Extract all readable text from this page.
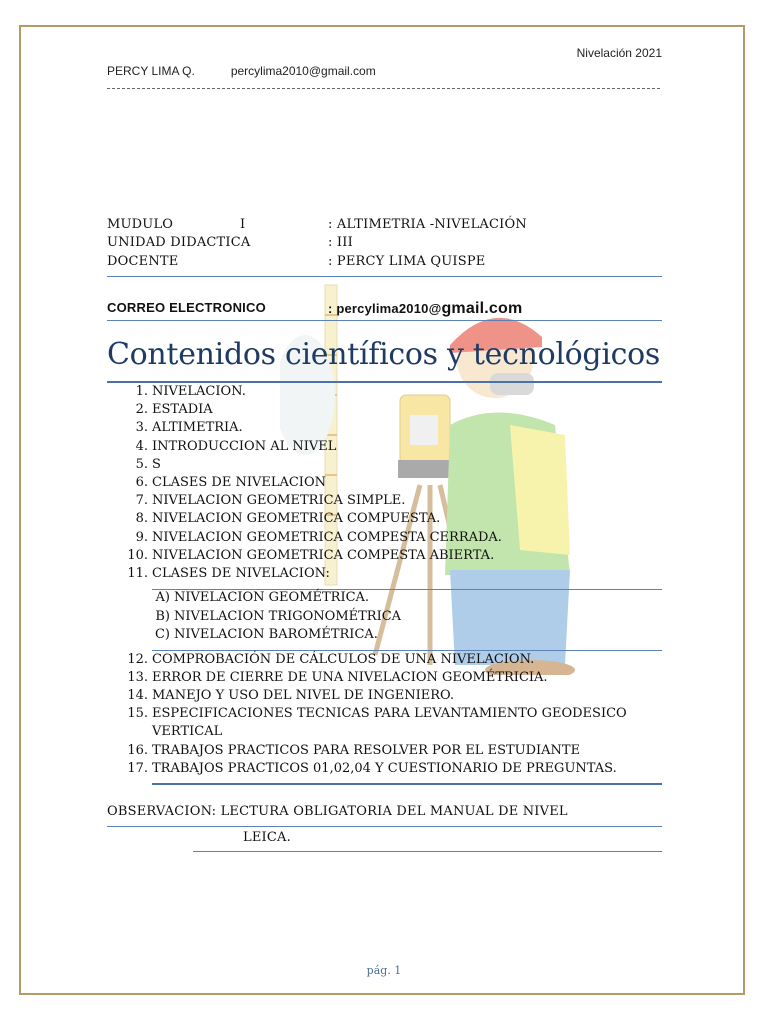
Nivelación 2021
PERCY LIMA Q.	percylima2010@gmail.com
MUDULO	I	: ALTIMETRIA -NIVELACIÓN
UNIDAD DIDACTICA	: III
DOCENTE	: PERCY LIMA QUISPE
CORREO ELECTRONICO	: percylima2010@gmail.com
Contenidos científicos y tecnológicos
1. NIVELACION.
2. ESTADIA
3. ALTIMETRIA.
4. INTRODUCCION AL NIVEL
5. S
6. CLASES DE NIVELACION
7. NIVELACION GEOMETRICA SIMPLE.
8. NIVELACION GEOMETRICA COMPUESTA.
9. NIVELACION GEOMETRICA COMPESTA CERRADA.
10. NIVELACION GEOMETRICA COMPESTA ABIERTA.
11. CLASES DE NIVELACION:
A) NIVELACION GEOMÉTRICA.
B) NIVELACION TRIGONOMÉTRICA
C) NIVELACION BAROMÉTRICA.
12. COMPROBACIÓN DE CÁLCULOS DE UNA NIVELACION.
13. ERROR DE CIERRE DE UNA NIVELACION GEOMÉTRICIA.
14. MANEJO Y USO DEL NIVEL DE INGENIERO.
15. ESPECIFICACIONES TECNICAS PARA LEVANTAMIENTO GEODESICO
VERTICAL
16. TRABAJOS PRACTICOS PARA RESOLVER POR EL ESTUDIANTE
17. TRABAJOS PRACTICOS 01,02,04 Y CUESTIONARIO DE PREGUNTAS.
OBSERVACION: LECTURA OBLIGATORIA DEL MANUAL DE NIVEL
LEICA.
pág. 1
